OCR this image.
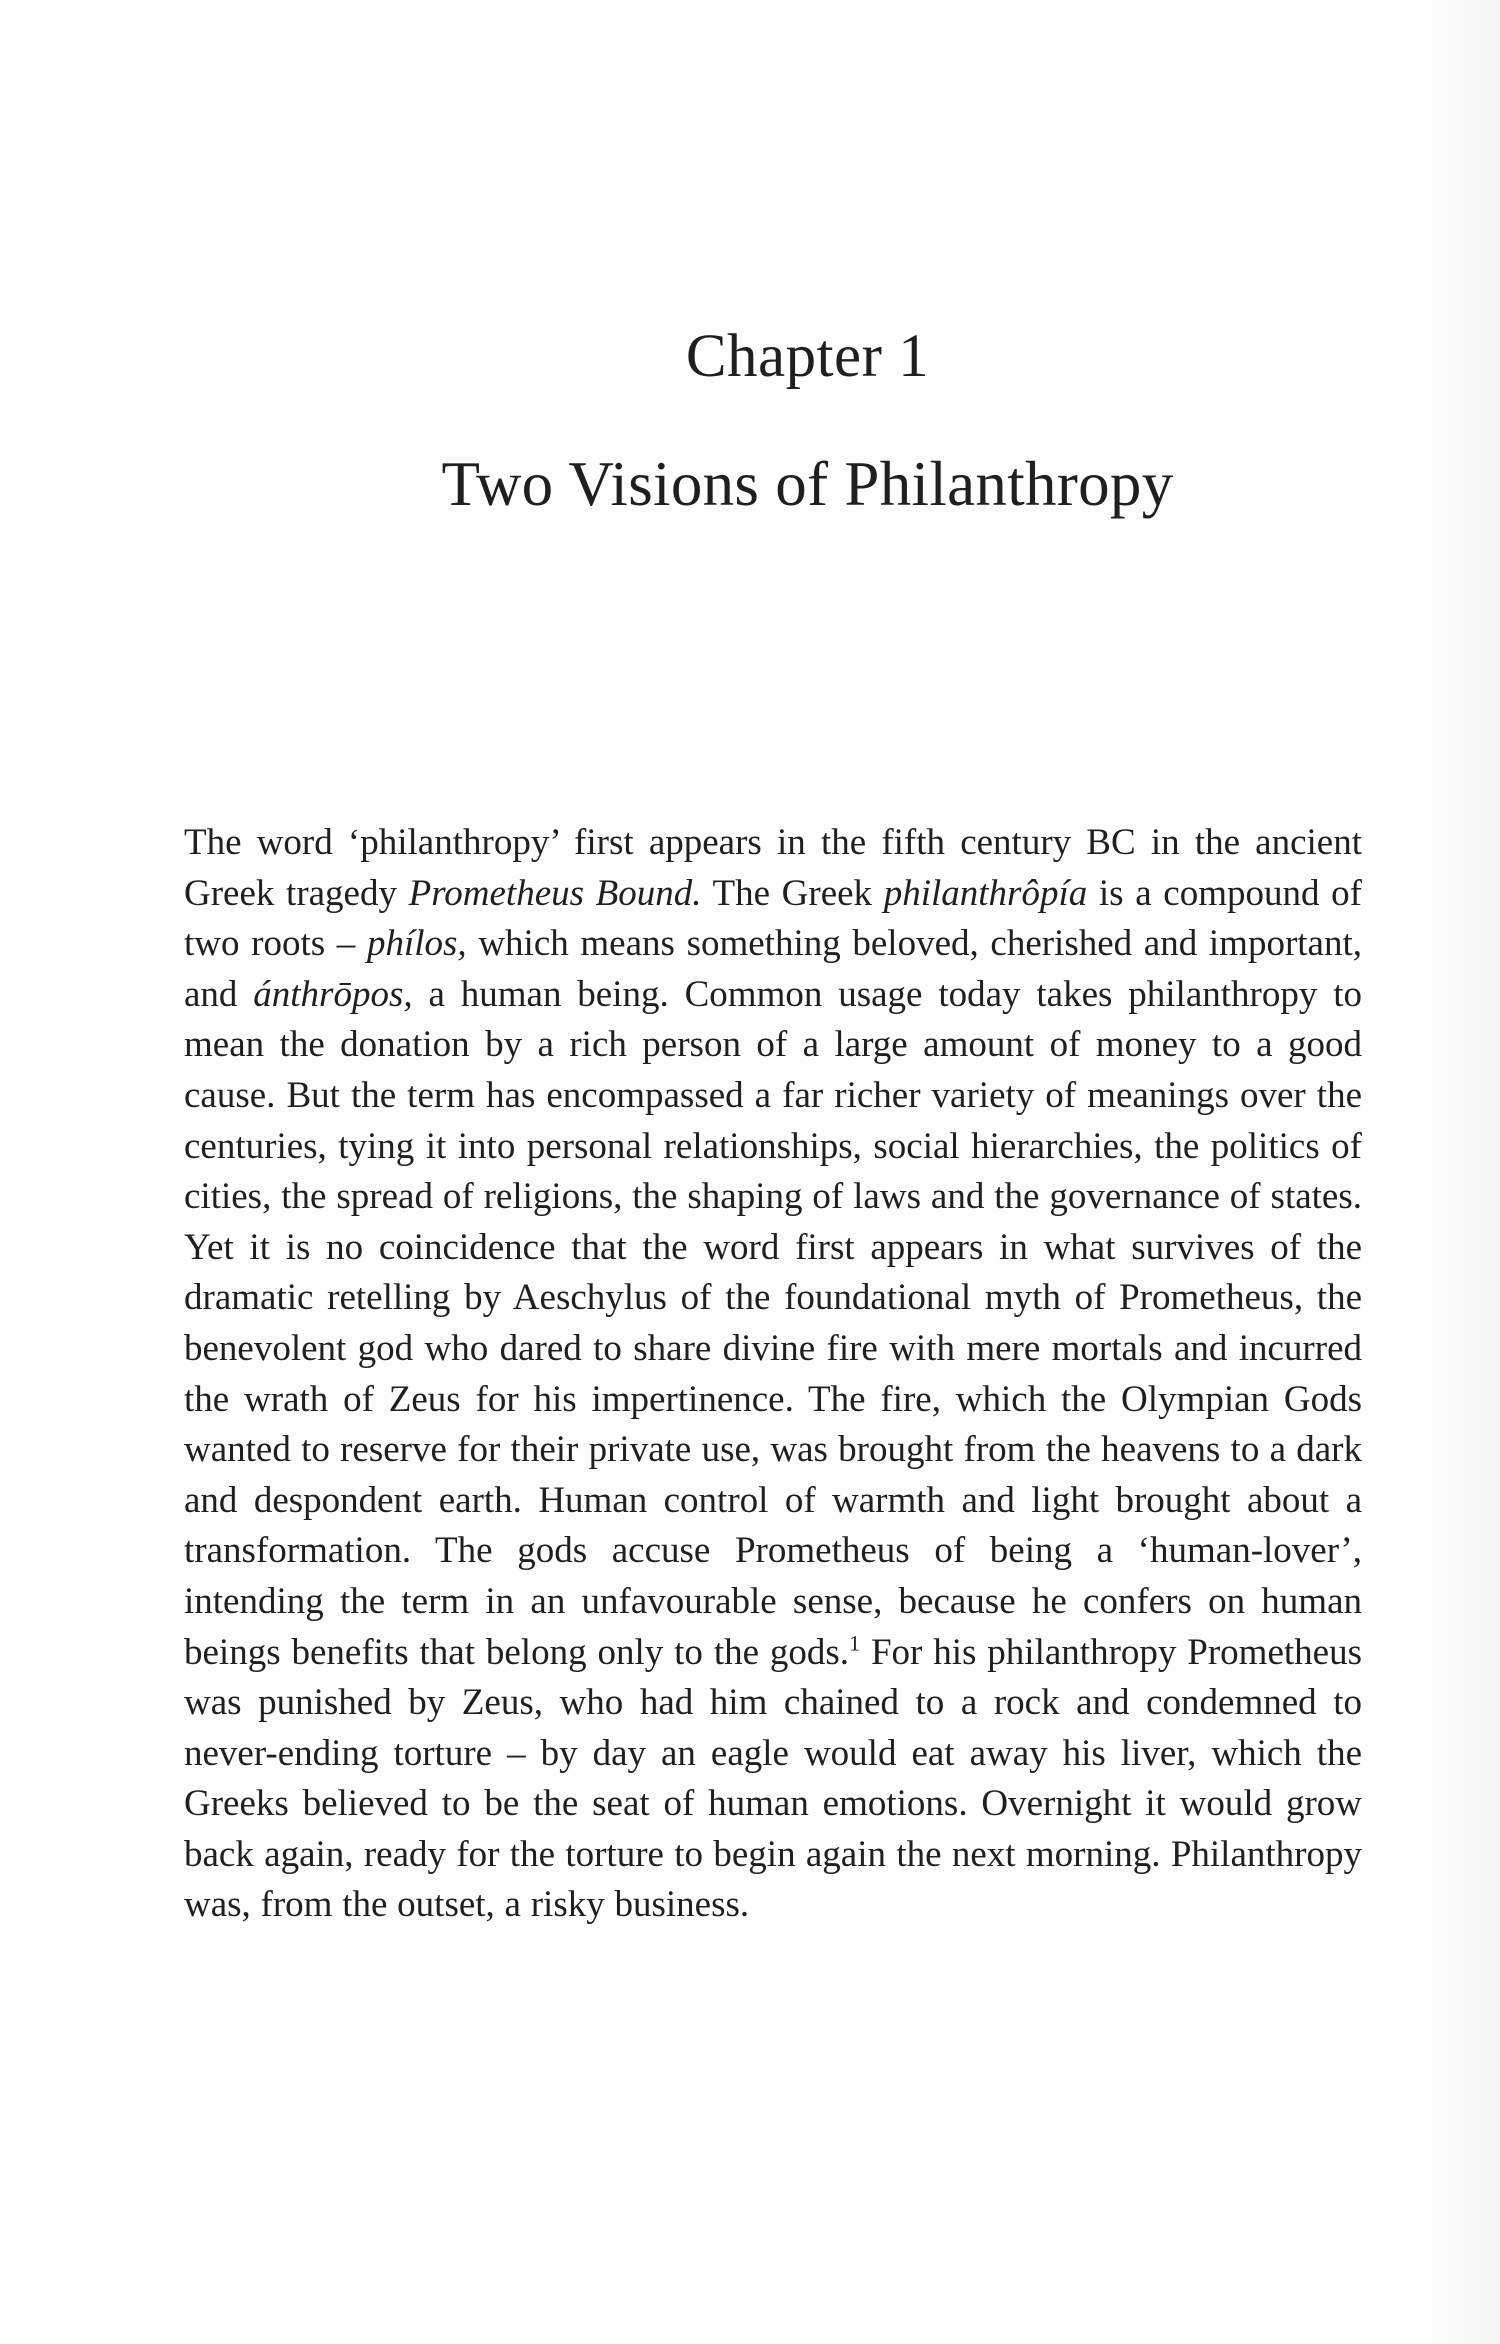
Chapter 1
Two Visions of Philanthropy

The word ‘philanthropy’ first appears in the fifth century BC in the ancient Greek tragedy Prometheus Bound. The Greek philanthrôpía is a compound of two roots – phílos, which means something beloved, cherished and important, and ánthrōpos, a human being. Common usage today takes philanthropy to mean the donation by a rich person of a large amount of money to a good cause. But the term has encompassed a far richer variety of meanings over the centuries, tying it into personal relationships, social hierarchies, the politics of cities, the spread of religions, the shaping of laws and the governance of states. Yet it is no coincidence that the word first appears in what survives of the dramatic retelling by Aeschylus of the foundational myth of Prometheus, the benevolent god who dared to share divine fire with mere mortals and incurred the wrath of Zeus for his impertinence. The fire, which the Olympian Gods wanted to reserve for their private use, was brought from the heavens to a dark and despondent earth. Human control of warmth and light brought about a transformation. The gods accuse Prometheus of being a ‘human-lover’, intending the term in an unfavourable sense, because he confers on human beings benefits that belong only to the gods.$^1$ For his philanthropy Prometheus was punished by Zeus, who had him chained to a rock and condemned to never-ending torture – by day an eagle would eat away his liver, which the Greeks believed to be the seat of human emotions. Overnight it would grow back again, ready for the torture to begin again the next morning. Philanthropy was, from the outset, a risky business.
